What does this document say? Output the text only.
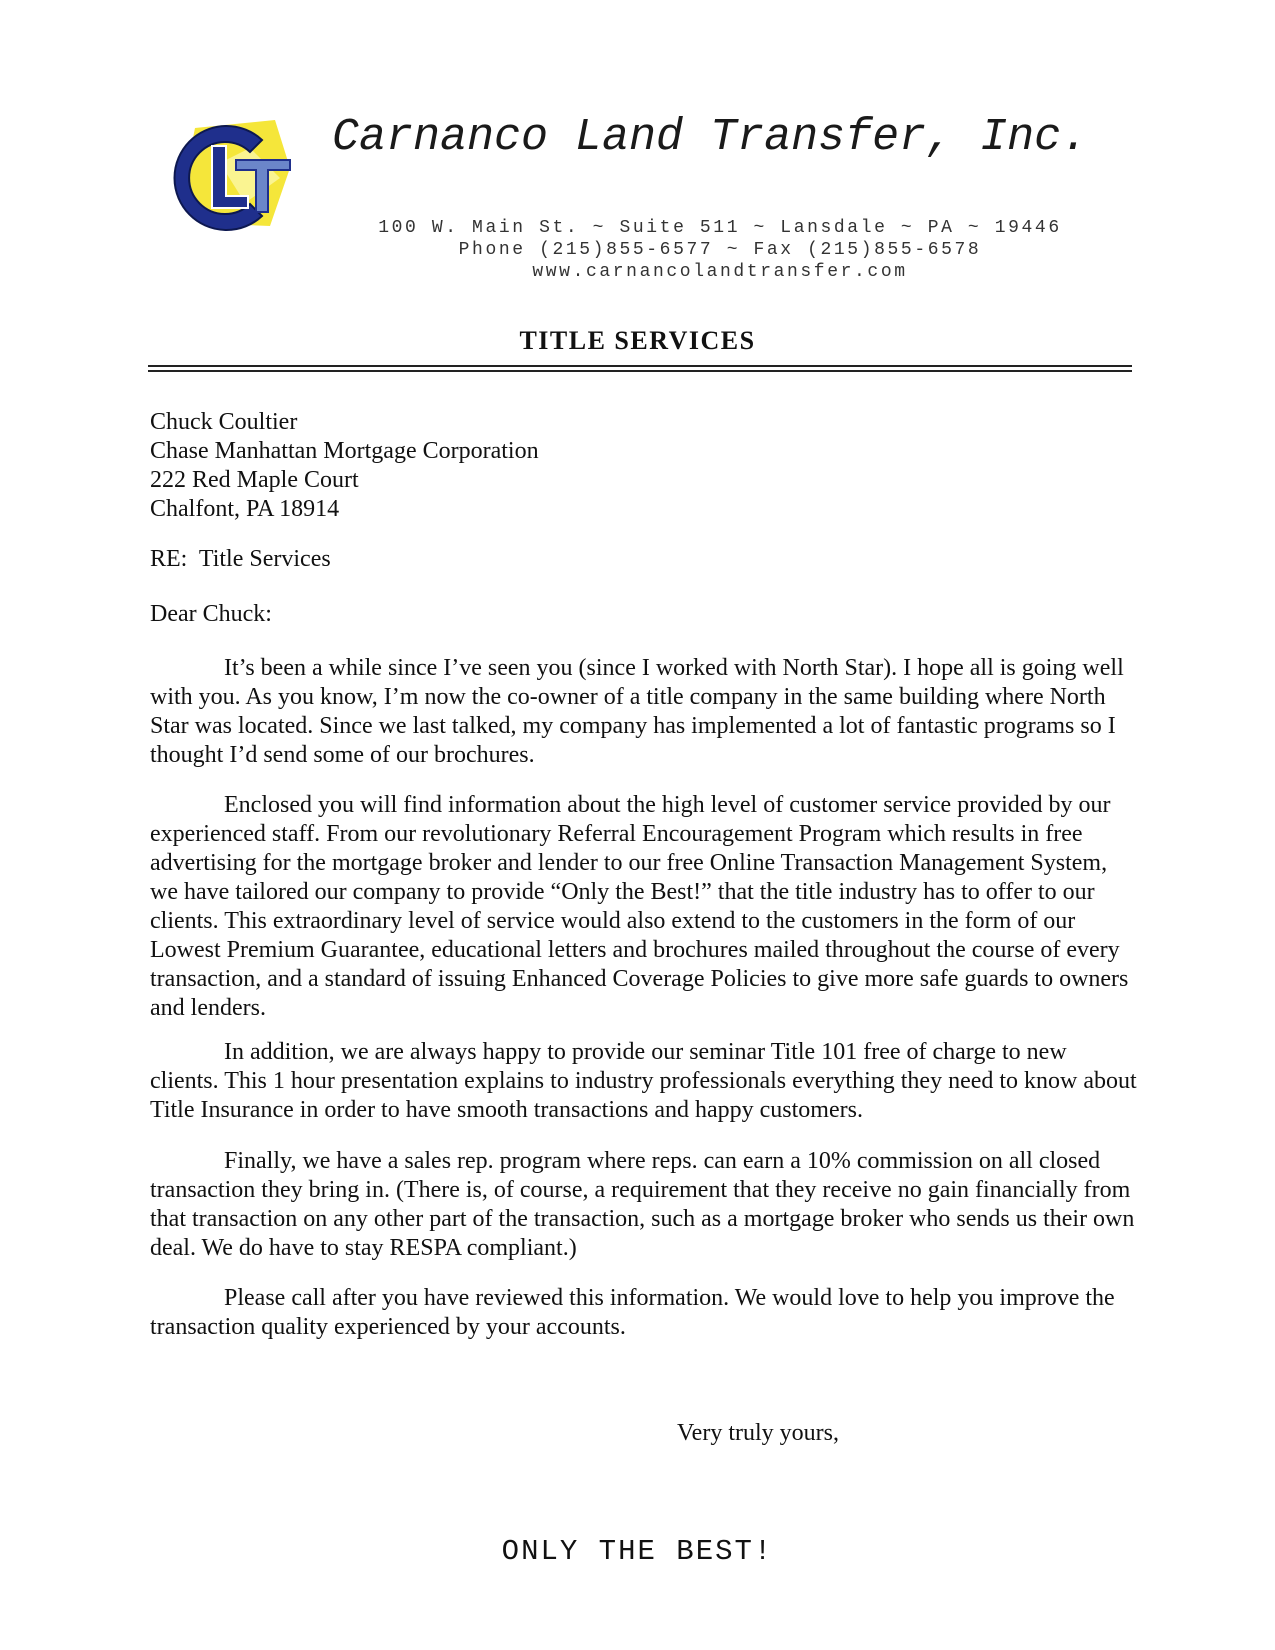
Carnanco Land Transfer, Inc.
100 W. Main St. ~ Suite 511 ~ Lansdale ~ PA ~ 19446
Phone (215)855-6577 ~ Fax (215)855-6578
www.carnancolandtransfer.com
TITLE SERVICES
Chuck Coultier
Chase Manhattan Mortgage Corporation
222 Red Maple Court
Chalfont, PA 18914
RE:  Title Services
Dear Chuck:

It’s been a while since I’ve seen you (since I worked with North Star). I hope all is going well with you. As you know, I’m now the co-owner of a title company in the same building where North Star was located. Since we last talked, my company has implemented a lot of fantastic programs so I thought I’d send some of our brochures.

Enclosed you will find information about the high level of customer service provided by our experienced staff. From our revolutionary Referral Encouragement Program which results in free advertising for the mortgage broker and lender to our free Online Transaction Management System, we have tailored our company to provide “Only the Best!” that the title industry has to offer to our clients. This extraordinary level of service would also extend to the customers in the form of our Lowest Premium Guarantee, educational letters and brochures mailed throughout the course of every transaction, and a standard of issuing Enhanced Coverage Policies to give more safe guards to owners and lenders.

In addition, we are always happy to provide our seminar Title 101 free of charge to new clients. This 1 hour presentation explains to industry professionals everything they need to know about Title Insurance in order to have smooth transactions and happy customers.

Finally, we have a sales rep. program where reps. can earn a 10% commission on all closed transaction they bring in. (There is, of course, a requirement that they receive no gain financially from that transaction on any other part of the transaction, such as a mortgage broker who sends us their own deal. We do have to stay RESPA compliant.)

Please call after you have reviewed this information. We would love to help you improve the transaction quality experienced by your accounts.

Very truly yours,
ONLY THE BEST!
